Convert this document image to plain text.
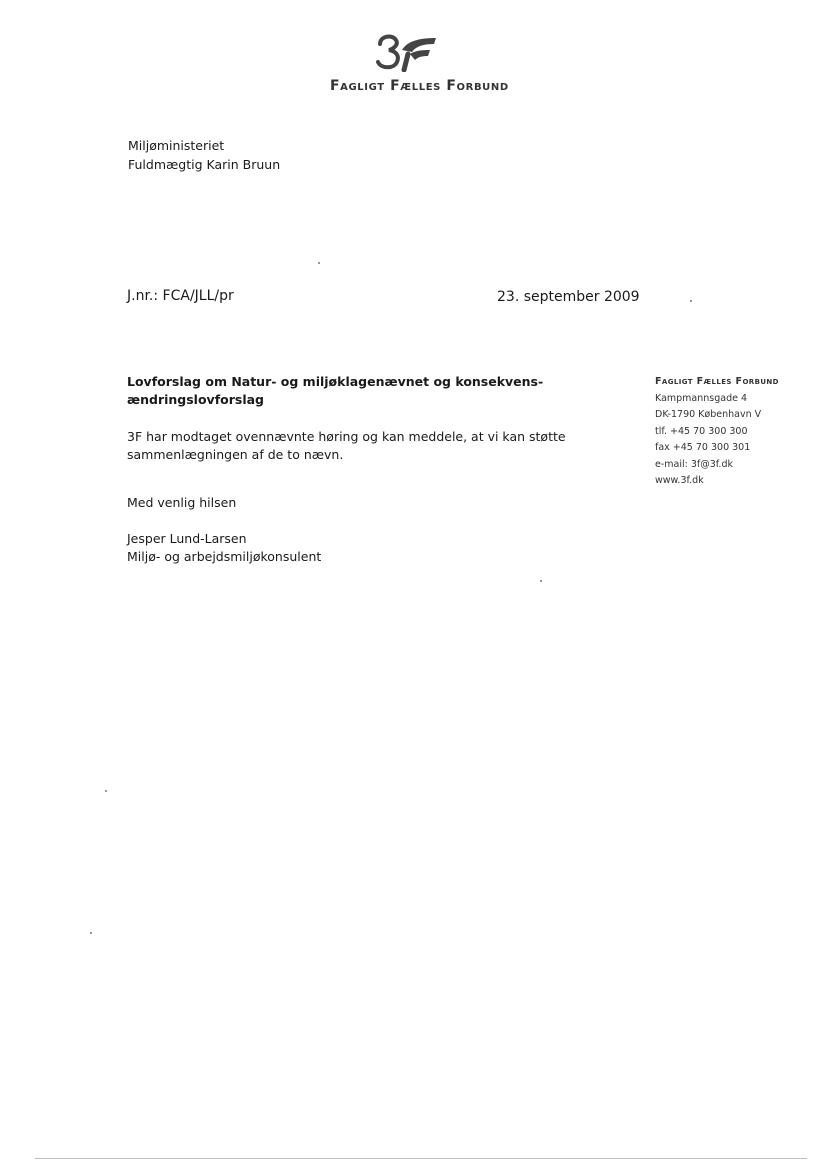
Fagligt Fælles Forbund
Miljøministeriet
Fuldmægtig Karin Bruun
J.nr.: FCA/JLL/pr	23. september 2009
Lovforslag om Natur- og miljøklagenævnet og konsekvens-
ændringslovforslag
3F har modtaget ovennævnte høring og kan meddele, at vi kan støtte
sammenlægningen af de to nævn.
Med venlig hilsen
Jesper Lund-Larsen
Miljø- og arbejdsmiljøkonsulent
Fagligt Fælles Forbund
Kampmannsgade 4
DK-1790 København V
tlf. +45 70 300 300
fax +45 70 300 301
e-mail: 3f@3f.dk
www.3f.dk
